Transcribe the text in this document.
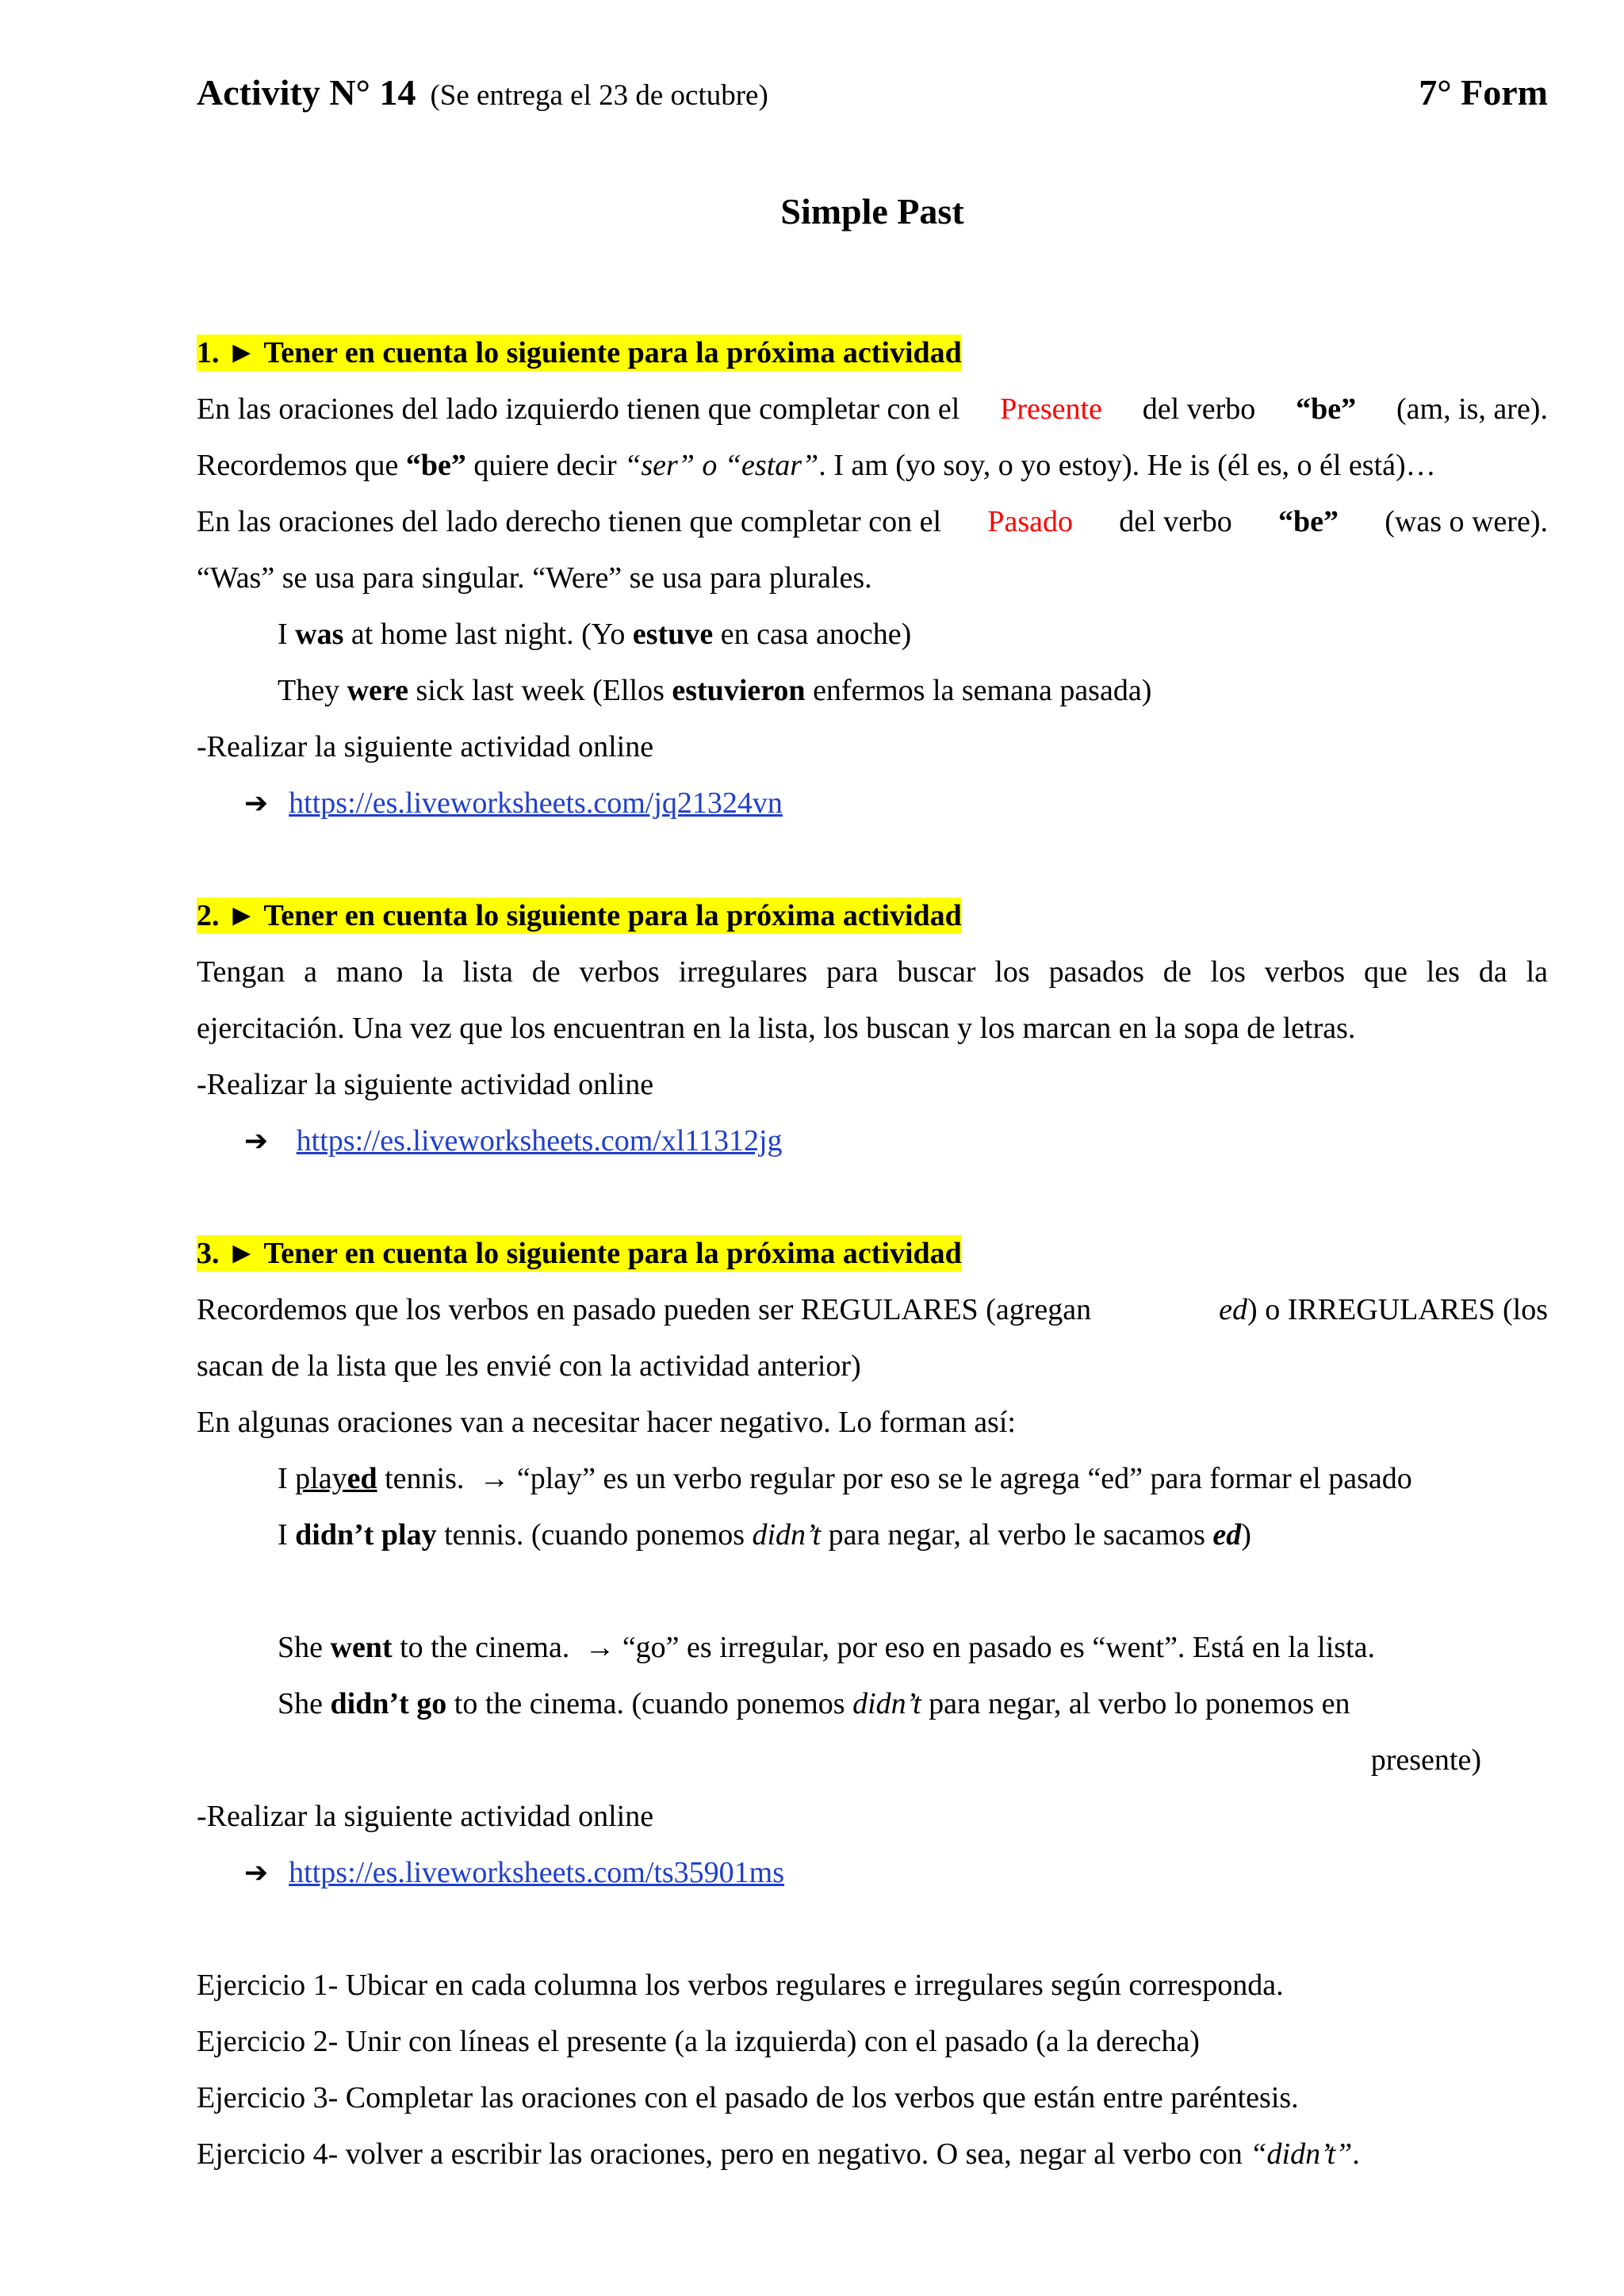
Activity N° 14 (Se entrega el 23 de octubre)	7° Form
Simple Past
1. ► Tener en cuenta lo siguiente para la próxima actividad
En las oraciones del lado izquierdo tienen que completar con el Presente del verbo “be” (am, is, are).
Recordemos que “be” quiere decir “ser” o “estar”. I am (yo soy, o yo estoy). He is (él es, o él está)…
En las oraciones del lado derecho tienen que completar con el Pasado del verbo “be” (was o were).
“Was” se usa para singular. “Were” se usa para plurales.
I was at home last night. (Yo estuve en casa anoche)
They were sick last week (Ellos estuvieron enfermos la semana pasada)
-Realizar la siguiente actividad online
➔ https://es.liveworksheets.com/jq21324vn
2. ► Tener en cuenta lo siguiente para la próxima actividad
Tengan a mano la lista de verbos irregulares para buscar los pasados de los verbos que les da la
ejercitación. Una vez que los encuentran en la lista, los buscan y los marcan en la sopa de letras.
-Realizar la siguiente actividad online
➔ https://es.liveworksheets.com/xl11312jg
3. ► Tener en cuenta lo siguiente para la próxima actividad
Recordemos que los verbos en pasado pueden ser REGULARES (agregan	ed) o IRREGULARES (los
sacan de la lista que les envié con la actividad anterior)
En algunas oraciones van a necesitar hacer negativo. Lo forman así:
I played tennis. → “play” es un verbo regular por eso se le agrega “ed” para formar el pasado
I didn’t play tennis. (cuando ponemos didn’t para negar, al verbo le sacamos ed)
She went to the cinema. → “go” es irregular, por eso en pasado es “went”. Está en la lista.
She didn’t go to the cinema. (cuando ponemos didn’t para negar, al verbo lo ponemos en
presente)
-Realizar la siguiente actividad online
➔ https://es.liveworksheets.com/ts35901ms
Ejercicio 1- Ubicar en cada columna los verbos regulares e irregulares según corresponda.
Ejercicio 2- Unir con líneas el presente (a la izquierda) con el pasado (a la derecha)
Ejercicio 3- Completar las oraciones con el pasado de los verbos que están entre paréntesis.
Ejercicio 4- volver a escribir las oraciones, pero en negativo. O sea, negar al verbo con “didn’t”.
